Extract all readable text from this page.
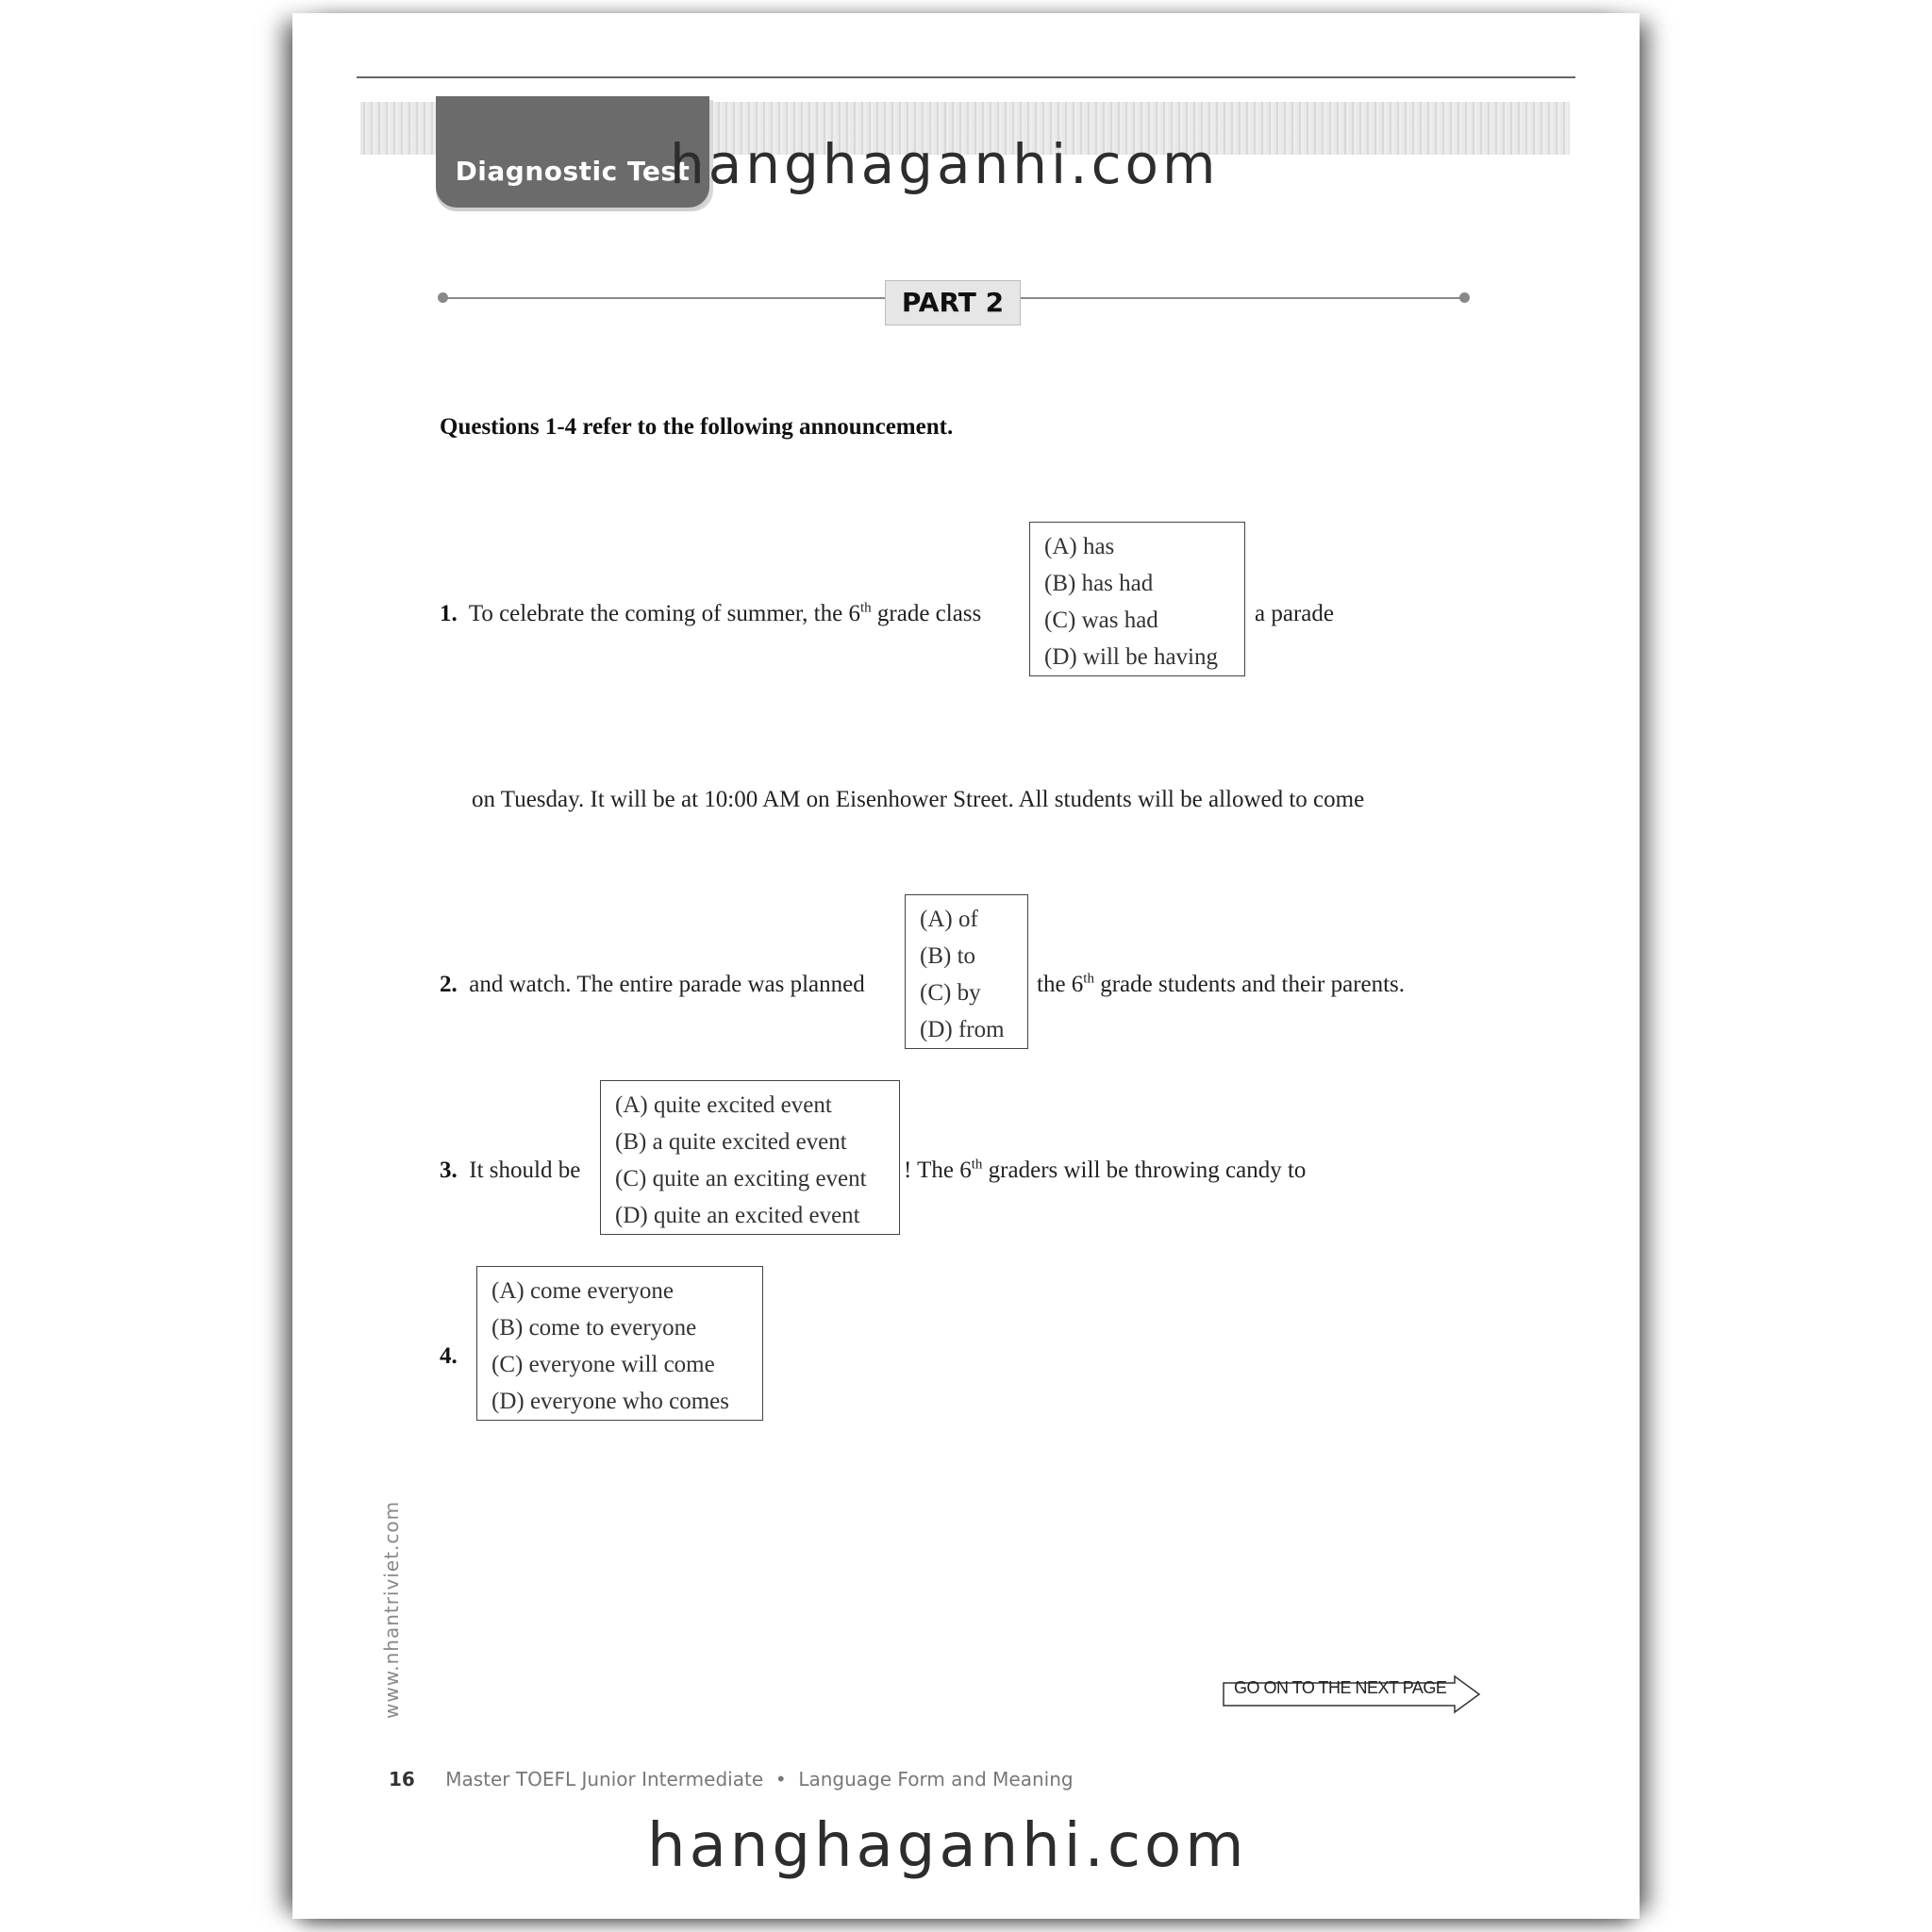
Diagnostic Test
PART 2
Questions 1-4 refer to the following announcement.
1. To celebrate the coming of summer, the 6th grade class
(A) has
(B) has had
(C) was had
(D) will be having
a parade
on Tuesday. It will be at 10:00 AM on Eisenhower Street. All students will be allowed to come
2. and watch. The entire parade was planned
(A) of
(B) to
(C) by
(D) from
the 6th grade students and their parents.
3. It should be
(A) quite excited event
(B) a quite excited event
(C) quite an exciting event
(D) quite an excited event
! The 6th graders will be throwing candy to
4.
(A) come everyone
(B) come to everyone
(C) everyone will come
(D) everyone who comes
www.nhantriviet.com	GO ON TO THE NEXT PAGE
16 Master TOEFL Junior Intermediate • Language Form and Meaning
hanghaganhi.com
hanghaganhi.com
